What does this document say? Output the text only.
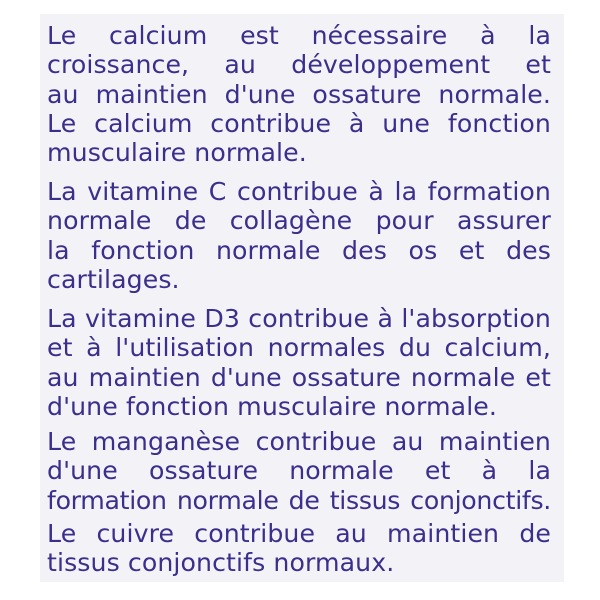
Le calcium est nécessaire à la
croissance, au développement et
au maintien d'une ossature normale.
Le calcium contribue à une fonction
musculaire normale.

La vitamine C contribue à la formation
normale de collagène pour assurer
la fonction normale des os et des
cartilages.

La vitamine D3 contribue à l'absorption
et à l'utilisation normales du calcium,
au maintien d'une ossature normale et
d'une fonction musculaire normale.

Le manganèse contribue au maintien
d'une ossature normale et à la
formation normale de tissus conjonctifs.

Le cuivre contribue au maintien de
tissus conjonctifs normaux.
